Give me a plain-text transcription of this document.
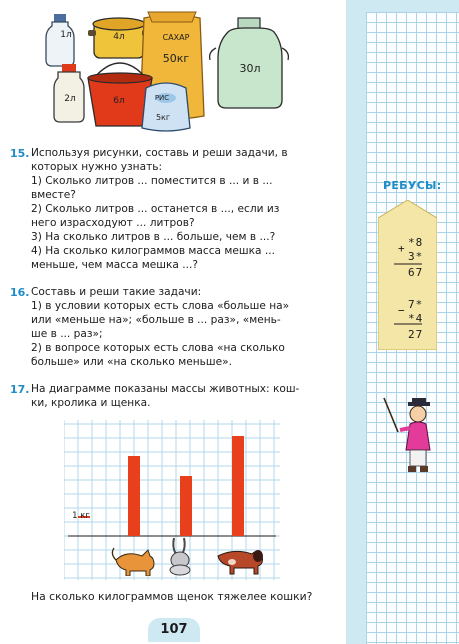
1л	4л	САХАР
50кг
30л
2л	6л	РИС
5кг
15. Используя рисунки, составь и реши задачи, в
которых нужно узнать:
1) Сколько литров ... поместится в ... и в ...
вместе?
2) Сколько литров ... останется в ..., если из
него израсходуют ... литров?
3) На сколько литров в ... больше, чем в ...?
4) На сколько килограммов масса мешка ...
меньше, чем масса мешка ...?
16. Составь и реши такие задачи:
1) в условии которых есть слова «больше на»
или «меньше на»; «больше в ... раз», «мень-
ше в ... раз»;
2) в вопросе которых есть слова «на сколько
больше» или «на сколько меньше».
17. На диаграмме показаны массы животных: кош-
ки, кролика и щенка.
1 кг
На сколько килограммов щенок тяжелее кошки?
РЕБУСЫ:
+ *8
3*
67
− 7*
*4
27
107
